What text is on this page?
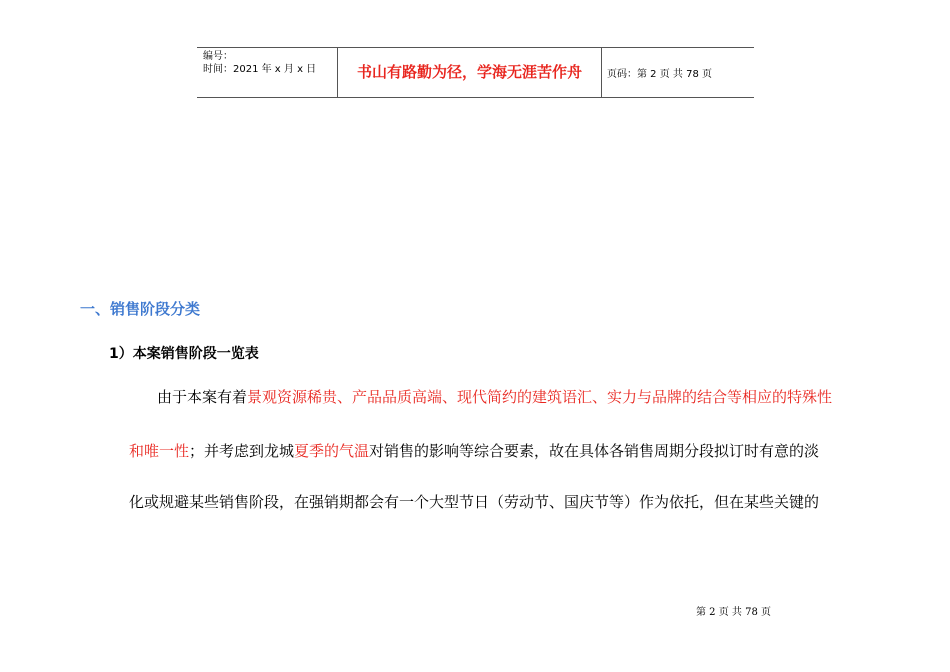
编号：
时间：2021 年 x 月 x 日	书山有路勤为径，学海无涯苦作舟	页码：第 2 页 共 78 页
一、销售阶段分类
1）本案销售阶段一览表
由于本案有着景观资源稀贵、产品品质高端、现代简约的建筑语汇、实力与品牌的结合等相应的特殊性
和唯一性；并考虑到龙城夏季的气温对销售的影响等综合要素，故在具体各销售周期分段拟订时有意的淡
化或规避某些销售阶段，在强销期都会有一个大型节日（劳动节、国庆节等）作为依托，但在某些关键的
第 2 页 共 78 页
